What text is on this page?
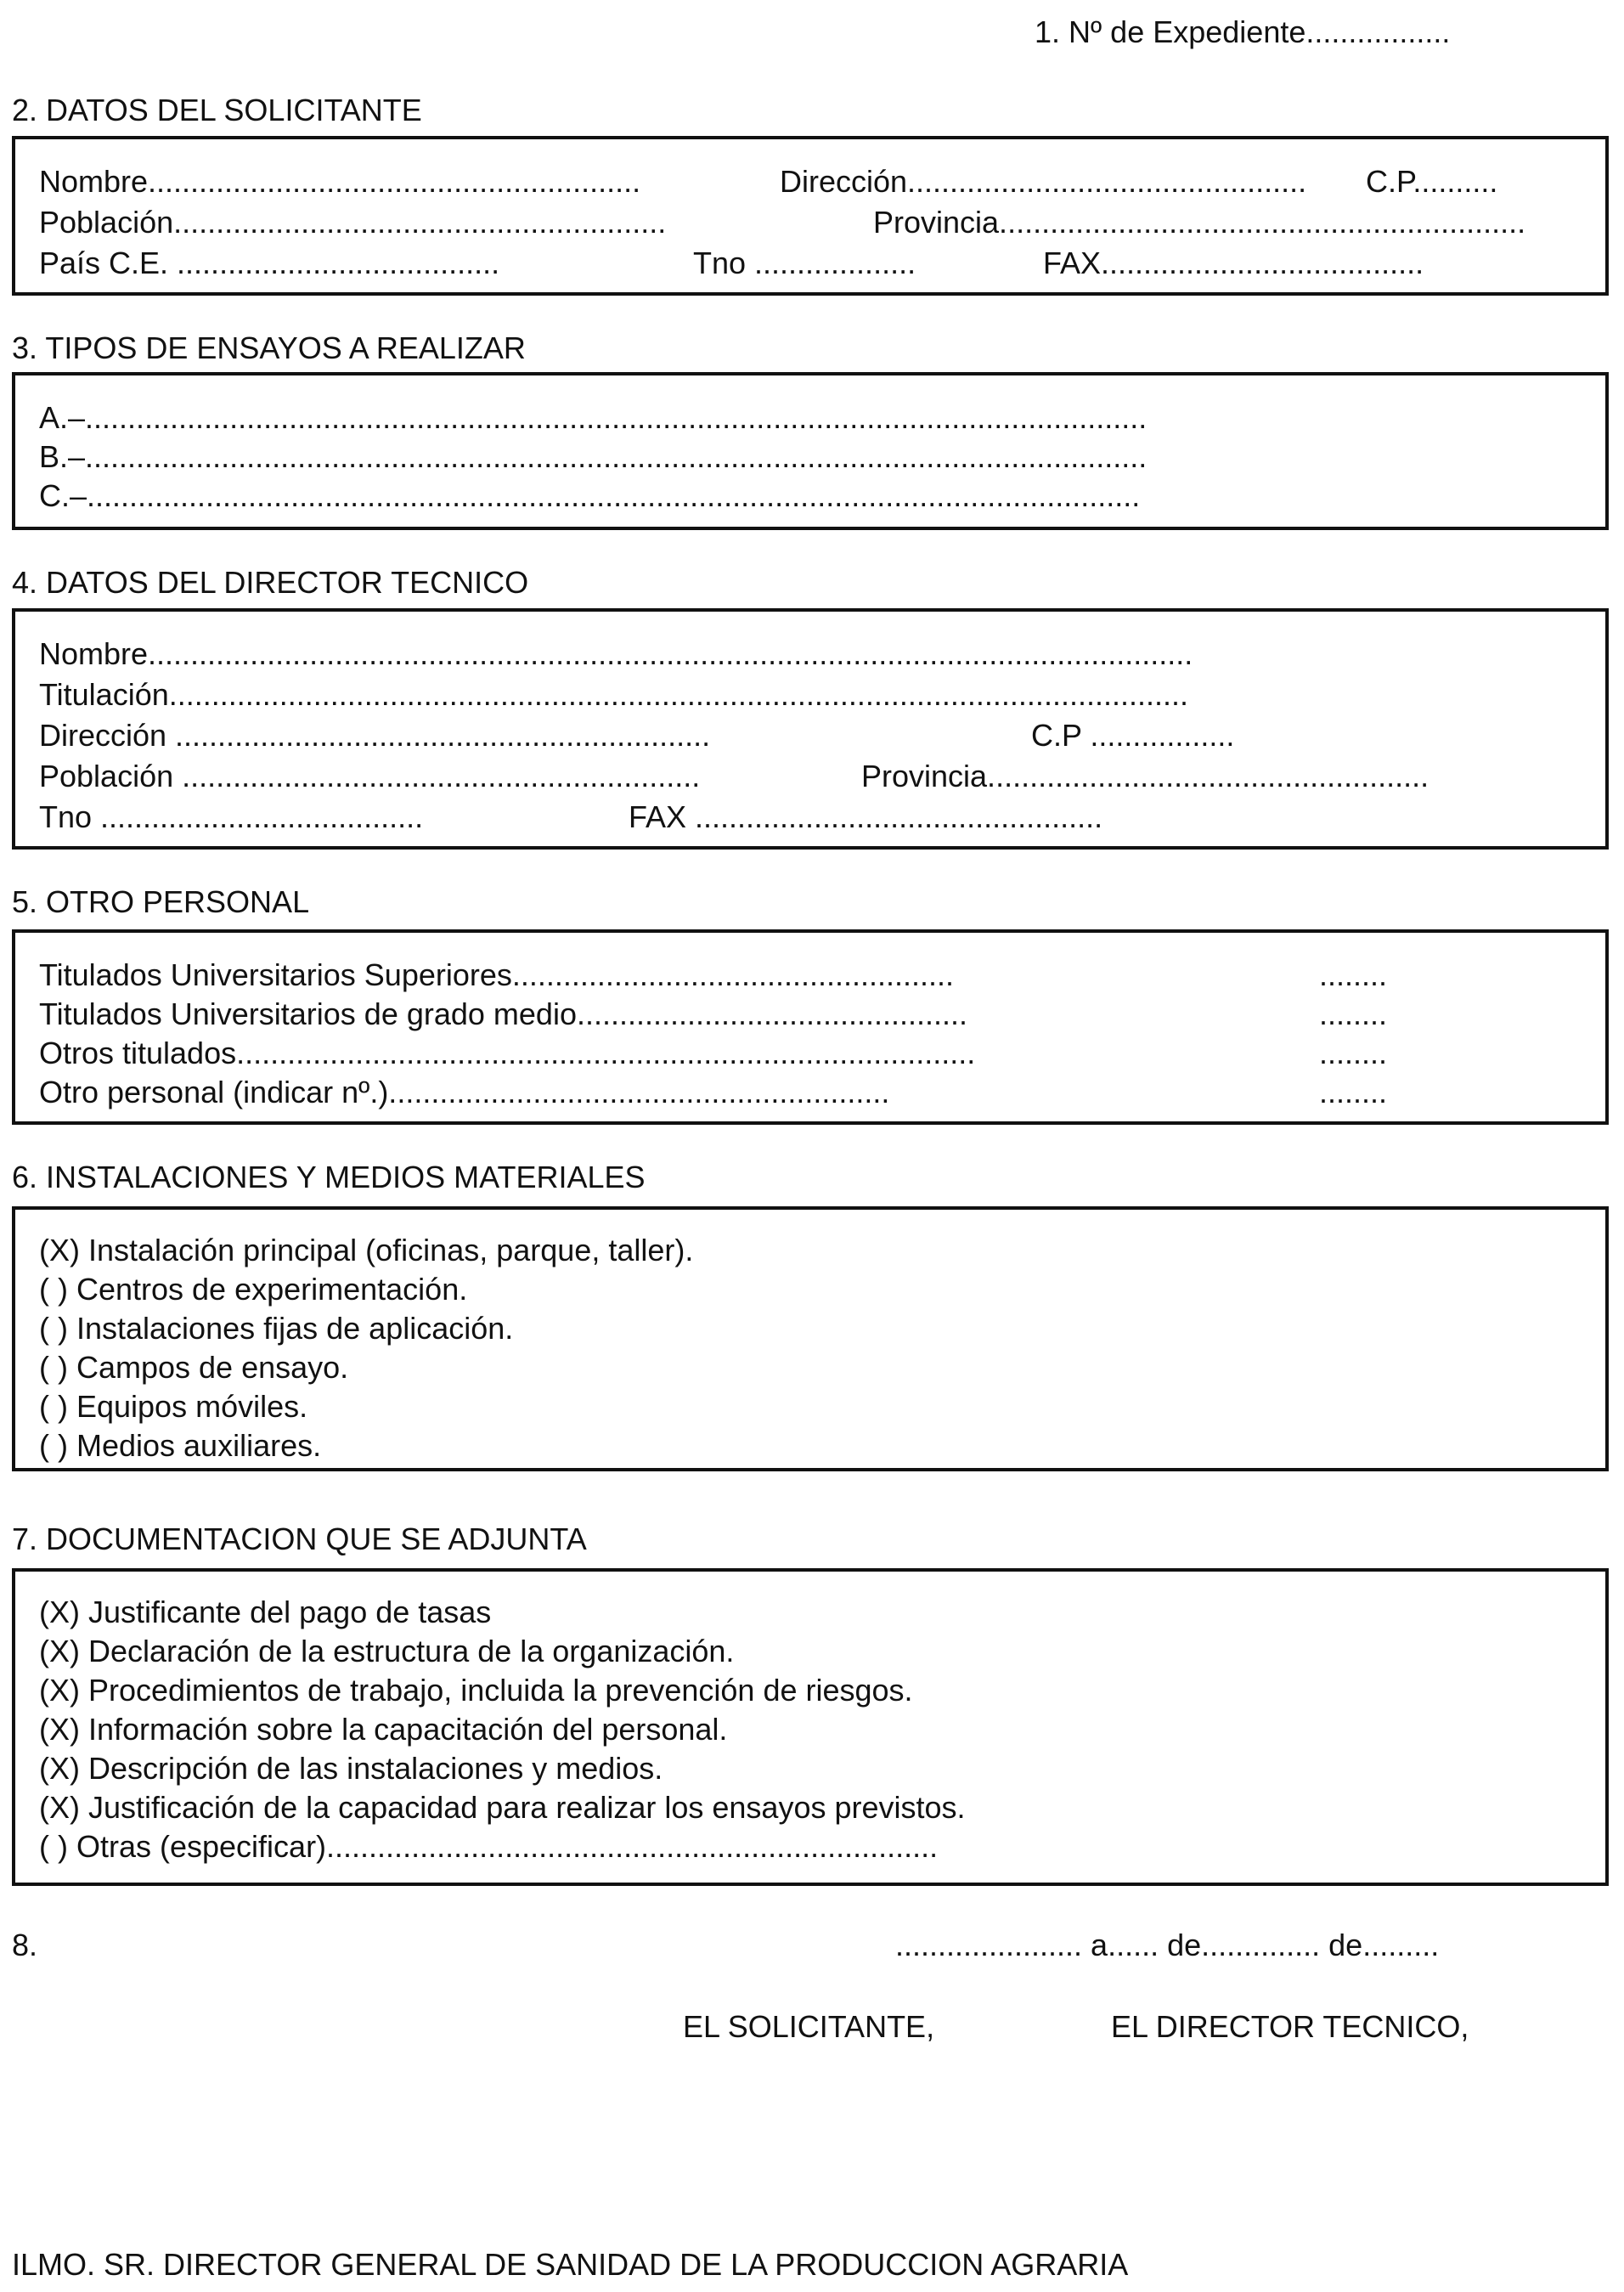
1. Nº de Expediente.................
2. DATOS DEL SOLICITANTE
Nombre..........................................................	Dirección............................................... C.P..........
Población..........................................................	Provincia..............................................................
País C.E. ......................................	Tno ...................	FAX......................................
3. TIPOS DE ENSAYOS A REALIZAR
A.–.............................................................................................................................
B.–.............................................................................................................................
C.–............................................................................................................................
4. DATOS DEL DIRECTOR TECNICO
Nombre...........................................................................................................................
Titulación........................................................................................................................
Dirección ...............................................................	C.P .................
Población .............................................................	Provincia....................................................
Tno ......................................	FAX ................................................
5. OTRO PERSONAL
Titulados Universitarios Superiores....................................................	........
Titulados Universitarios de grado medio..............................................	........
Otros titulados.......................................................................................	........
Otro personal (indicar nº.)...........................................................	........
6. INSTALACIONES Y MEDIOS MATERIALES
(X) Instalación principal (oficinas, parque, taller).
( ) Centros de experimentación.
( ) Instalaciones fijas de aplicación.
( ) Campos de ensayo.
( ) Equipos móviles.
( ) Medios auxiliares.
7. DOCUMENTACION QUE SE ADJUNTA
(X) Justificante del pago de tasas
(X) Declaración de la estructura de la organización.
(X) Procedimientos de trabajo, incluida la prevención de riesgos.
(X) Información sobre la capacitación del personal.
(X) Descripción de las instalaciones y medios.
(X) Justificación de la capacidad para realizar los ensayos previstos.
( ) Otras (especificar)........................................................................
8.	...................... a...... de.............. de.........
EL SOLICITANTE,	EL DIRECTOR TECNICO,
ILMO. SR. DIRECTOR GENERAL DE SANIDAD DE LA PRODUCCION AGRARIA
